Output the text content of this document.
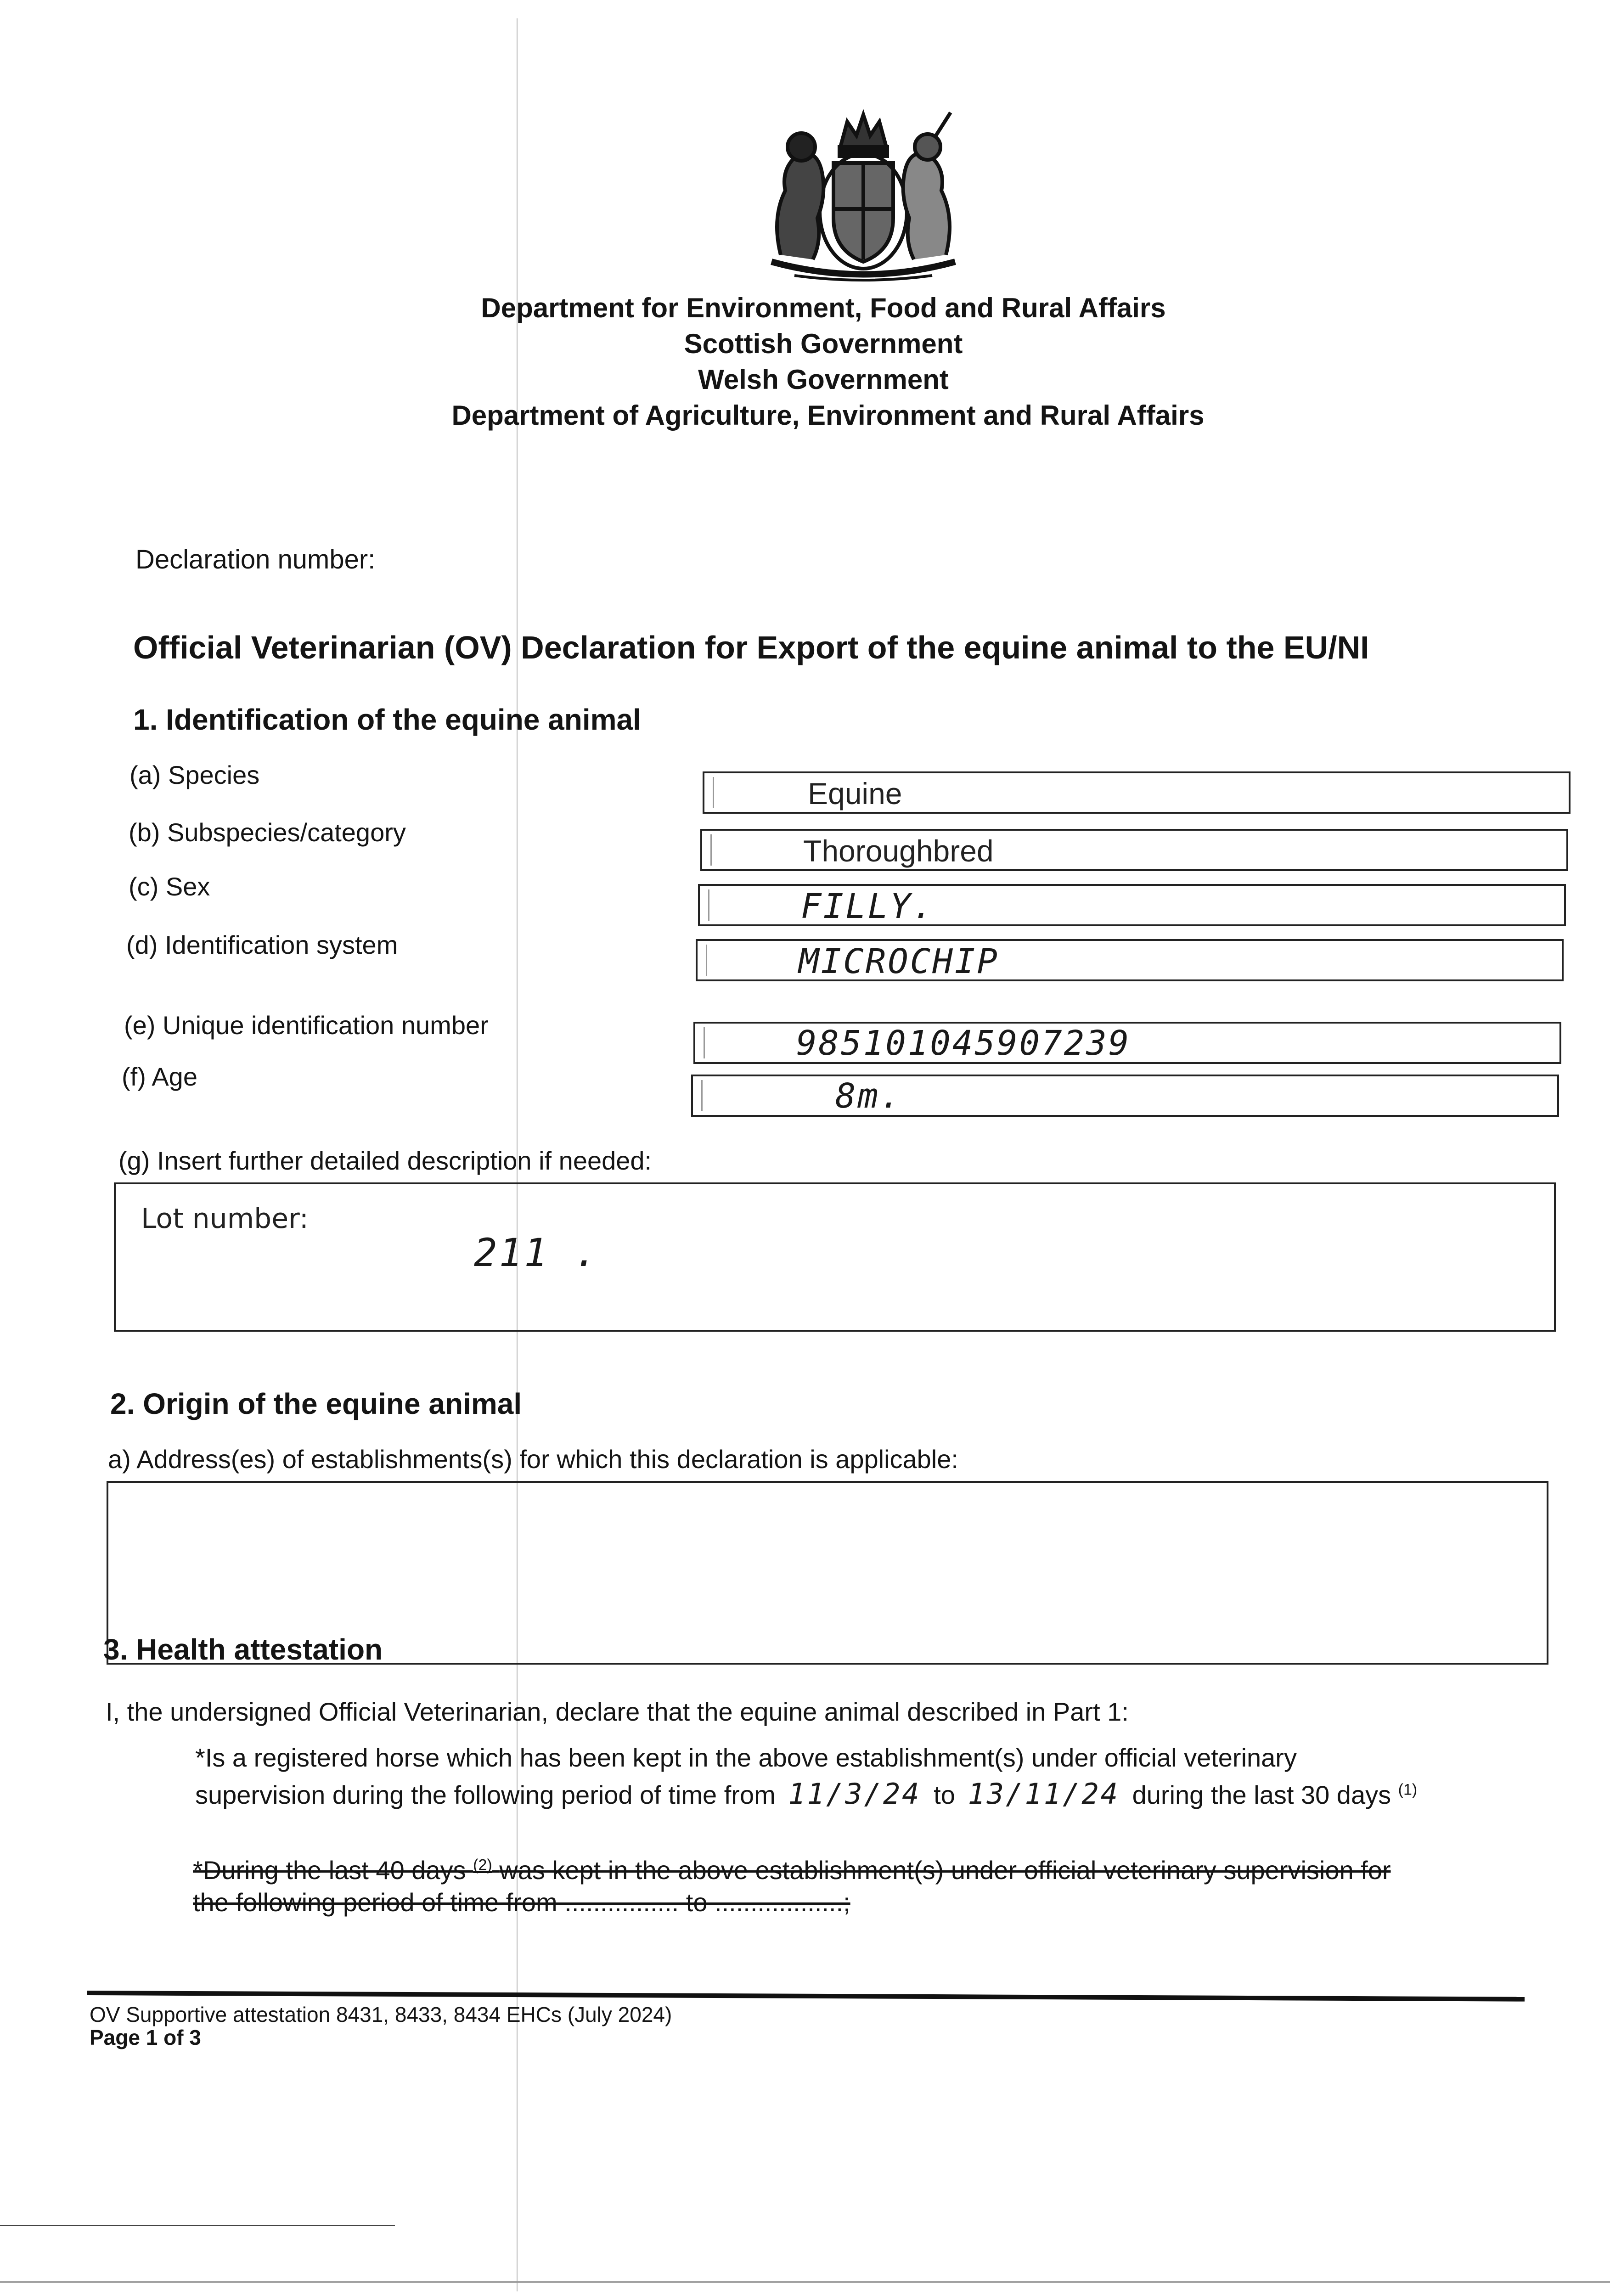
Department for Environment, Food and Rural Affairs
Scottish Government
Welsh Government
Department of Agriculture, Environment and Rural Affairs
Declaration number:
Official Veterinarian (OV) Declaration for Export of the equine animal to the EU/NI
1. Identification of the equine animal
(a) Species
(b) Subspecies/category
(c) Sex
(d) Identification system
(e) Unique identification number
(f) Age
Equine
Thoroughbred
FILLY.
MICROCHIP
985101045907239
8m.
(g) Insert further detailed description if needed:
Lot number:
211 .
2. Origin of the equine animal
a) Address(es) of establishments(s) for which this declaration is applicable:
3. Health attestation
I, the undersigned Official Veterinarian, declare that the equine animal described in Part 1:
*Is a registered horse which has been kept in the above establishment(s) under official veterinary
supervision during the following period of time from 11/3/24 to 13/11/24 during the last 30 days $^{(1)}$
*During the last 40 days $^{(2)}$ was kept in the above establishment(s) under official veterinary supervision for
the following period of time from ................ to ..................;
OV Supportive attestation 8431, 8433, 8434 EHCs (July 2024)
Page 1 of 3
